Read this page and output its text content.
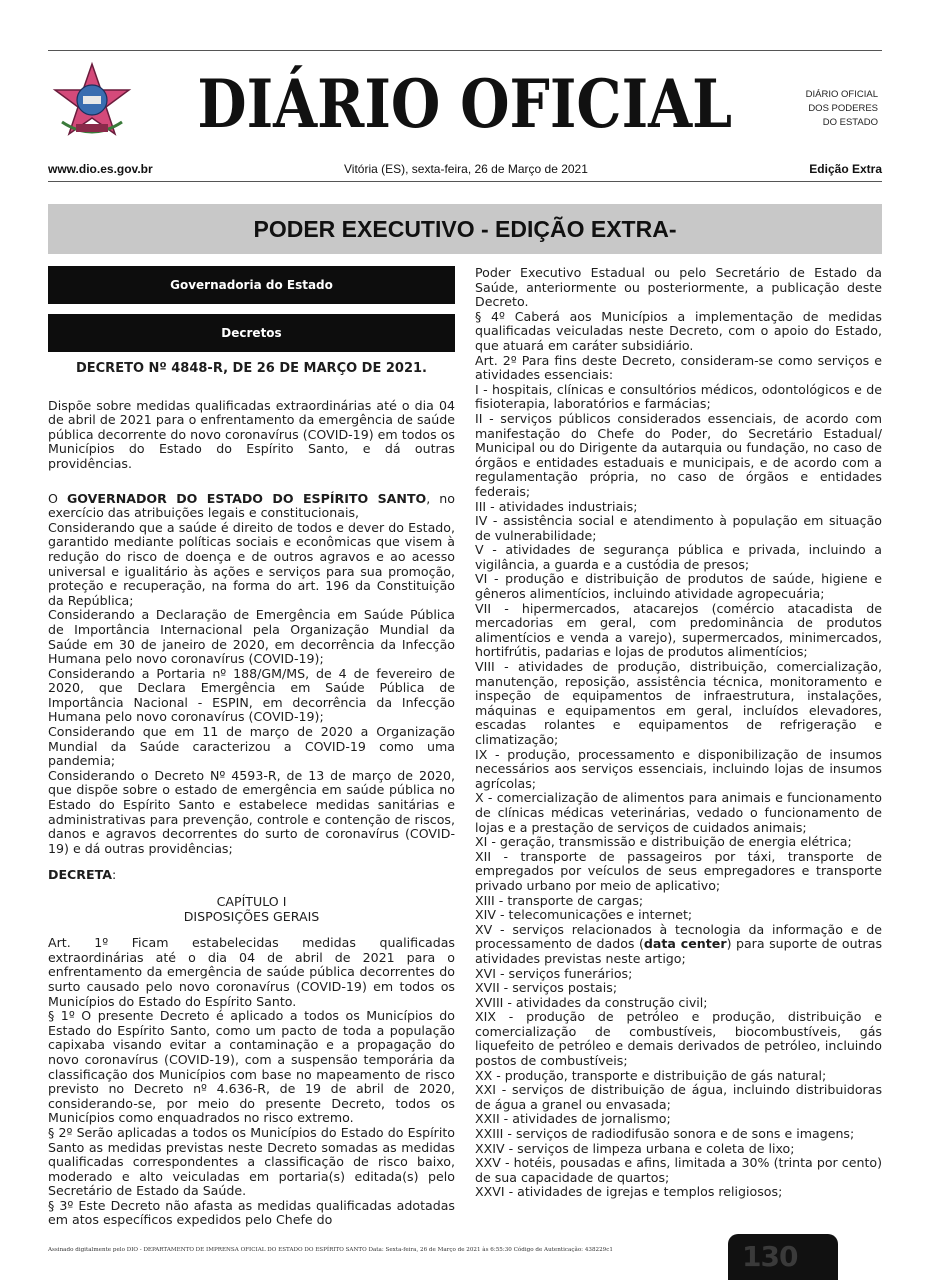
DIÁRIO OFICIAL	DIÁRIO OFICIAL
DOS PODERES
DO ESTADO
www.dio.es.gov.br	Vitória (ES), sexta-feira, 26 de Março de 2021	Edição Extra
PODER EXECUTIVO - EDIÇÃO EXTRA-
Governadoria do Estado
Decretos

DECRETO Nº 4848-R, DE 26 DE MARÇO DE 2021.

Dispõe sobre medidas qualificadas extraordinárias até o dia 04 de abril de 2021 para o enfrentamento da emergência de saúde pública decorrente do novo coronavírus (COVID-19) em todos os Municípios do Estado do Espírito Santo, e dá outras providências.

O GOVERNADOR DO ESTADO DO ESPÍRITO SANTO, no exercício das atribuições legais e constitucionais,

Considerando que a saúde é direito de todos e dever do Estado, garantido mediante políticas sociais e econômicas que visem à redução do risco de doença e de outros agravos e ao acesso universal e igualitário às ações e serviços para sua promoção, proteção e recuperação, na forma do art. 196 da Constituição da República;

Considerando a Declaração de Emergência em Saúde Pública de Importância Internacional pela Organização Mundial da Saúde em 30 de janeiro de 2020, em decorrência da Infecção Humana pelo novo coronavírus (COVID-19);

Considerando a Portaria nº 188/GM/MS, de 4 de fevereiro de 2020, que Declara Emergência em Saúde Pública de Importância Nacional - ESPIN, em decorrência da Infecção Humana pelo novo coronavírus (COVID-19);

Considerando que em 11 de março de 2020 a Organização Mundial da Saúde caracterizou a COVID-19 como uma pandemia;

Considerando o Decreto Nº 4593-R, de 13 de março de 2020, que dispõe sobre o estado de emergência em saúde pública no Estado do Espírito Santo e estabelece medidas sanitárias e administrativas para prevenção, controle e contenção de riscos, danos e agravos decorrentes do surto de coronavírus (COVID-19) e dá outras providências;

DECRETA:

CAPÍTULO I

DISPOSIÇÕES GERAIS

Art. 1º Ficam estabelecidas medidas qualificadas extraordinárias até o dia 04 de abril de 2021 para o enfrentamento da emergência de saúde pública decorrentes do surto causado pelo novo coronavírus (COVID-19) em todos os Municípios do Estado do Espírito Santo.

§ 1º O presente Decreto é aplicado a todos os Municípios do Estado do Espírito Santo, como um pacto de toda a população capixaba visando evitar a contaminação e a propagação do novo coronavírus (COVID-19), com a suspensão temporária da classificação dos Municípios com base no mapeamento de risco previsto no Decreto nº 4.636-R, de 19 de abril de 2020, considerando-se, por meio do presente Decreto, todos os Municípios como enquadrados no risco extremo.

§ 2º Serão aplicadas a todos os Municípios do Estado do Espírito Santo as medidas previstas neste Decreto somadas as medidas qualificadas correspondentes a classificação de risco baixo, moderado e alto veiculadas em portaria(s) editada(s) pelo Secretário de Estado da Saúde.

§ 3º Este Decreto não afasta as medidas qualificadas adotadas em atos específicos expedidos pelo Chefe do

Poder Executivo Estadual ou pelo Secretário de Estado da Saúde, anteriormente ou posteriormente, a publicação deste Decreto.

§ 4º Caberá aos Municípios a implementação de medidas qualificadas veiculadas neste Decreto, com o apoio do Estado, que atuará em caráter subsidiário.

Art. 2º Para fins deste Decreto, consideram-se como serviços e atividades essenciais:

I - hospitais, clínicas e consultórios médicos, odontológicos e de fisioterapia, laboratórios e farmácias;

II - serviços públicos considerados essenciais, de acordo com manifestação do Chefe do Poder, do Secretário Estadual/ Municipal ou do Dirigente da autarquia ou fundação, no caso de órgãos e entidades estaduais e municipais, e de acordo com a regulamentação própria, no caso de órgãos e entidades federais;

III - atividades industriais;

IV - assistência social e atendimento à população em situação de vulnerabilidade;

V - atividades de segurança pública e privada, incluindo a vigilância, a guarda e a custódia de presos;

VI - produção e distribuição de produtos de saúde, higiene e gêneros alimentícios, incluindo atividade agropecuária;

VII - hipermercados, atacarejos (comércio atacadista de mercadorias em geral, com predominância de produtos alimentícios e venda a varejo), supermercados, minimercados, hortifrútis, padarias e lojas de produtos alimentícios;

VIII - atividades de produção, distribuição, comercialização, manutenção, reposição, assistência técnica, monitoramento e inspeção de equipamentos de infraestrutura, instalações, máquinas e equipamentos em geral, incluídos elevadores, escadas rolantes e equipamentos de refrigeração e climatização;

IX - produção, processamento e disponibilização de insumos necessários aos serviços essenciais, incluindo lojas de insumos agrícolas;

X - comercialização de alimentos para animais e funcionamento de clínicas médicas veterinárias, vedado o funcionamento de lojas e a prestação de serviços de cuidados animais;

XI - geração, transmissão e distribuição de energia elétrica;

XII - transporte de passageiros por táxi, transporte de empregados por veículos de seus empregadores e transporte privado urbano por meio de aplicativo;

XIII - transporte de cargas;

XIV - telecomunicações e internet;

XV - serviços relacionados à tecnologia da informação e de processamento de dados (data center) para suporte de outras atividades previstas neste artigo;

XVI - serviços funerários;

XVII - serviços postais;

XVIII - atividades da construção civil;

XIX - produção de petróleo e produção, distribuição e comercialização de combustíveis, biocombustíveis, gás liquefeito de petróleo e demais derivados de petróleo, incluindo postos de combustíveis;

XX - produção, transporte e distribuição de gás natural;

XXI - serviços de distribuição de água, incluindo distribuidoras de água a granel ou envasada;

XXII - atividades de jornalismo;

XXIII - serviços de radiodifusão sonora e de sons e imagens;

XXIV - serviços de limpeza urbana e coleta de lixo;

XXV - hotéis, pousadas e afins, limitada a 30% (trinta por cento) de sua capacidade de quartos;

XXVI - atividades de igrejas e templos religiosos;

Assinado digitalmente pelo DIO - DEPARTAMENTO DE IMPRENSA OFICIAL DO ESTADO DO ESPÍRITO SANTO Data: Sexta-feira, 26 de Março de 2021 às 6:55:30 Código de Autenticação: 438229c1	130
